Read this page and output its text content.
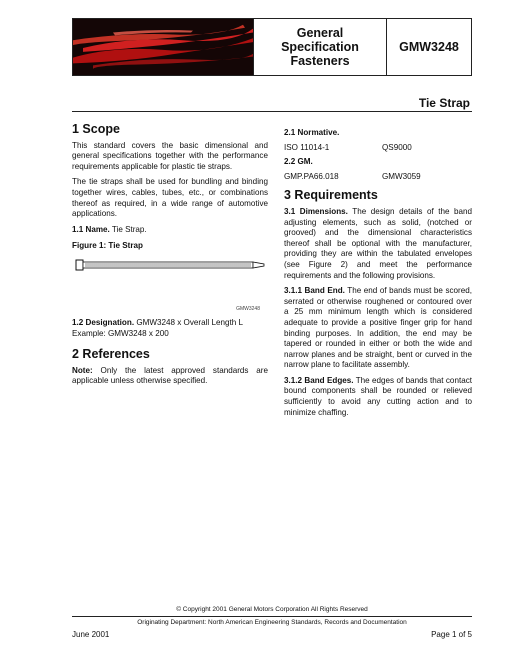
General
Specification
Fasteners
GMW3248
Tie Strap
1 Scope

This standard covers the basic dimensional and general specifications together with the performance requirements applicable for plastic tie straps.

The tie straps shall be used for bundling and binding together wires, cables, tubes, etc., or combinations thereof as required, in a wide range of automotive applications.

1.1 Name. Tie Strap.

Figure 1: Tie Strap
GMW3248

1.2 Designation. GMW3248 x Overall Length L
Example: GMW3248 x 200

2 References

Note: Only the latest approved standards are applicable unless otherwise specified.

2.1 Normative.
ISO 11014-1	QS9000
2.2 GM.
GMP.PA66.018	GMW3059
3 Requirements

3.1 Dimensions. The design details of the band adjusting elements, such as solid, (notched or grooved) and the dimensional characteristics thereof shall be optional with the manufacturer, providing they are within the tabulated envelopes (see Figure 2) and meet the performance requirements and the following provisions.

3.1.1 Band End. The end of bands must be scored, serrated or otherwise roughened or contoured over a 25 mm minimum length which is considered adequate to provide a positive finger grip for hand binding purposes. In addition, the end may be tapered or rounded in either or both the wide and narrow planes and be straight, bent or curved in the narrow plane to facilitate assembly.

3.1.2 Band Edges. The edges of bands that contact bound components shall be rounded or relieved sufficiently to avoid any cutting action and to minimize chaffing.

© Copyright 2001 General Motors Corporation All Rights Reserved
Originating Department: North American Engineering Standards, Records and Documentation
June 2001	Page 1 of 5
